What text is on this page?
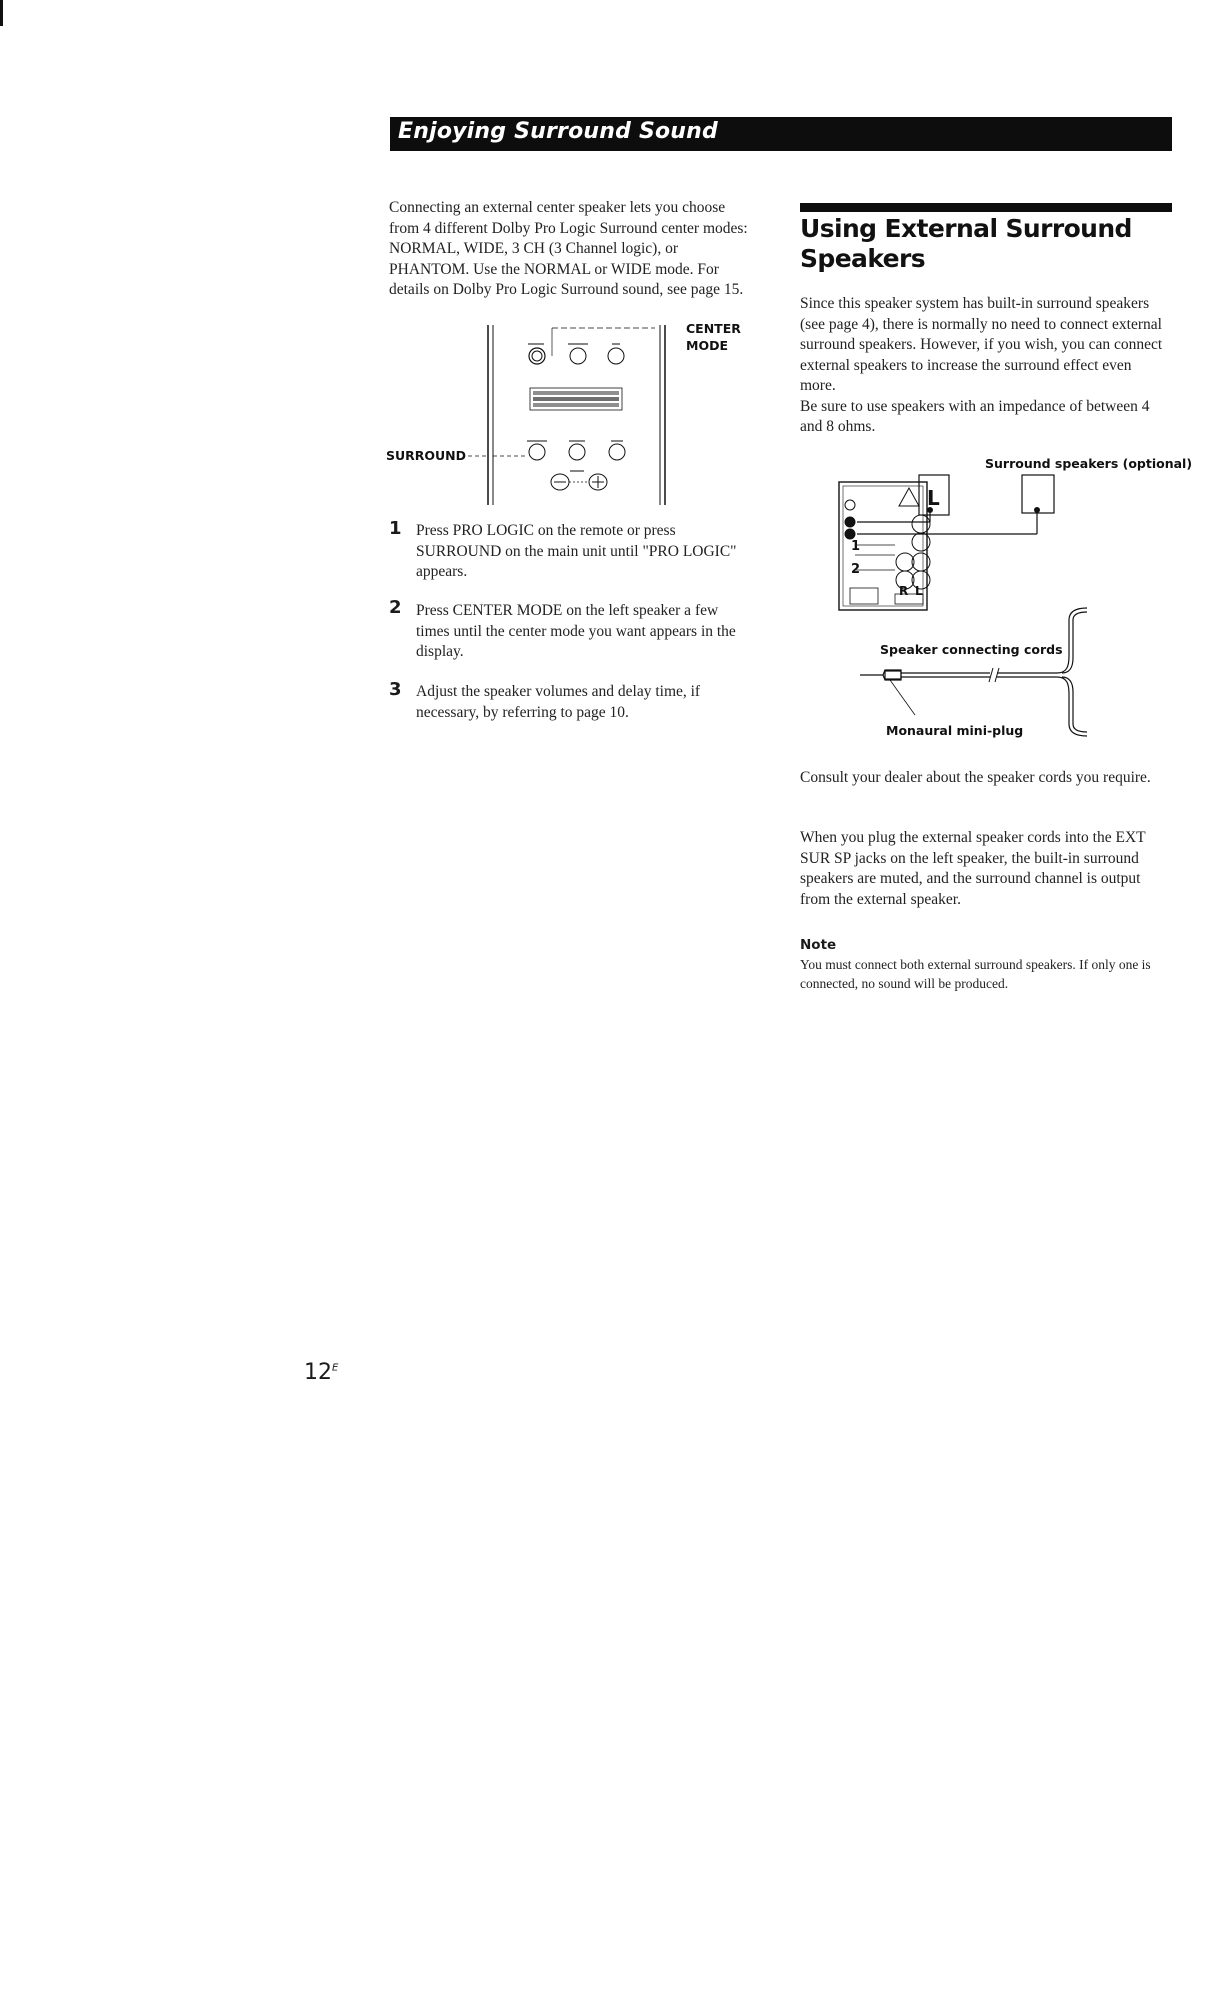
Enjoying Surround Sound
Connecting an external center speaker lets you choose from 4 different Dolby Pro Logic Surround center modes: NORMAL, WIDE, 3 CH (3 Channel logic), or PHANTOM. Use the NORMAL or WIDE mode. For details on Dolby Pro Logic Surround sound, see page 15.
CENTER MODE
SURROUND
1 Press PRO LOGIC on the remote or press SURROUND on the main unit until "PRO LOGIC" appears.
2 Press CENTER MODE on the left speaker a few times until the center mode you want appears in the display.
3 Adjust the speaker volumes and delay time, if necessary, by referring to page 10.
Using External Surround Speakers
Since this speaker system has built-in surround speakers (see page 4), there is normally no need to connect external surround speakers. However, if you wish, you can connect external speakers to increase the surround effect even more.
Be sure to use speakers with an impedance of between 4 and 8 ohms.
Surround speakers (optional)
L
1
2
R L
Speaker connecting cords
Monaural mini-plug
Consult your dealer about the speaker cords you require.
When you plug the external speaker cords into the EXT SUR SP jacks on the left speaker, the built-in surround speakers are muted, and the surround channel is output from the external speaker.
Note
You must connect both external surround speakers. If only one is connected, no sound will be produced.
$12^E$
